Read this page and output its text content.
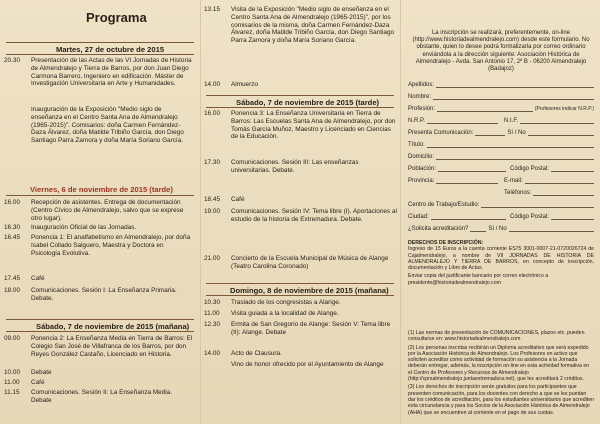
Programa
Martes, 27 de octubre de 2015
20.30	Presentación de las Actas de las VI Jornadas de Historia de Almendralejo y Tierra de Barros, por don Juan Diego Carmona Barrero, Ingeniero en edificación. Máster de Investigación Universitaria en Arte y Humanidades.
Inauguración de la Exposición "Medio siglo de enseñanza en el Centro Santa Ana de Almendralejo (1965-2015)". Comisarios: doña Carmen Fernández-Daza Álvarez, doña Matilde Tribiño García, don Diego Santiago Parra Zamora y doña María Soriano García.
Viernes, 6 de noviembre de 2015 (tarde)
16.00	Recepción de asistentes. Entrega de documentación (Centro Cívico de Almendralejo, salvo que se exprese otro lugar).
16.30	Inauguración Oficial de las Jornadas.
16.45	Ponencia 1: El analfabetismo en Almendralejo, por doña Isabel Collado Salguero, Maestra y Doctora en Psicología Evolutiva.
17.45	Café
18.00	Comunicaciones. Sesión I: La Enseñanza Primaria. Debate.
Sábado, 7 de noviembre de 2015 (mañana)
09.00	Ponencia 2: La Enseñanza Media en Tierra de Barros: El Colegio San José de Villafranca de los Barros, por don Reyes González Castaño, Licenciado en Historia.
10.00	Debate
11.00	Café
11.15	Comunicaciones. Sesión II: La Enseñanza Media. Debate
13.15	Visita de la Exposición "Medio siglo de enseñanza en el Centro Santa Ana de Almendralejo (1965-2015)", por los comisarios de la misma, doña Carmen Fernández-Daza Álvarez, doña Matilde Tribiño García, don Diego Santiago Parra Zamora y doña María Soriano García.
14.00	Almuerzo
Sábado, 7 de noviembre de 2015 (tarde)
16.00	Ponencia 3: La Enseñanza Universitaria en Tierra de Barros: Las Escuelas Santa Ana de Almendralejo, por don Tomás García Muñoz, Maestro y Licenciado en Ciencias de la Educación.
17.30	Comunicaciones. Sesión III: Las enseñanzas universitarias. Debate.
18.45	Café
19.00	Comunicaciones. Sesión IV: Tema libre (I). Aportaciones al estudio de la historia de Extremadura. Debate.
21.00	Concierto de la Escuela Municipal de Música de Alange (Teatro Carolina Coronado)
Domingo, 8 de noviembre de 2015 (mañana)
10.30	Traslado de los congresistas a Alange.
11.00	Visita guiada a la localidad de Alange.
12.30	Ermita de San Gregorio de Alange: Sesión V: Tema libre (II): Alange. Debate
14.00	Acto de Clausura.
Vino de honor ofrecido por el Ayuntamiento de Alange
La inscripción se realizará, preferentemente, on-line (http://www.historiadealmendralejo.com) desde este formulario. No obstante, quien lo desee podrá formalizarla por correo ordinario enviándola a la dirección siguiente: Asociación Histórica de Almendralejo - Avda. San Antonio 17, 2º B - 06200 Almendralejo (Badajoz)
Apellidos:
Nombre:
Profesión:	(Profesores indicar N.R.P.)
N.R.P.	N.I.F.
Presenta Comunicación:	Sí / No
Título:
Domicilio:
Población:	Código Postal:
Provincia:	E-mail:
Teléfonos:
Centro de Trabajo/Estudio:
Ciudad:	Código Postal:
¿Solicita acreditación?	Sí / No
DERECHOS DE INSCRIPCIÓN:
Ingreso de 15 Euros a la cuenta corriente ES75 3001-0007-21-0720026724 de Cajalmendralejo, a nombre de VII JORNADAS DE HISTORIA DE ALMENDRALEJO Y TIERRA DE BARROS, en concepto de inscripción, documentación y Libro de Actas.
Enviar copia del justificante bancario por correo electrónico a presidente@historiadealmendralejo.com
(1) Las normas de presentación de COMUNICACIONES, plazos etc. pueden consultarse en: www.historiadealmendralejo.com
(2) Los personas inscritas recibirán un Diploma acreditativo que será expedido por la Asociación Histórica de Almendralejo. Los Profesores en activo que soliciten acreditar como actividad de formación su asistencia a la Jornada deberán entregar, además, la inscripción on-line en esta actividad formativa en el Centro de Profesores y Recursos de Almendralejo (http://cprsalmendralejo.juntaextremadura.net), que les acreditará 2 créditos.
(3) Los derechos de inscripción serán gratuitos para los participantes que presenten comunicación, para los docentes con derecho a que se les puedan dar los créditos de acreditación, para los estudiantes universitarios que acrediten esta circunstancia y para los Socios de la Asociación Histórica de Almendralejo (AHA) que se encuentren al corriente en el pago de sus cuotas.
